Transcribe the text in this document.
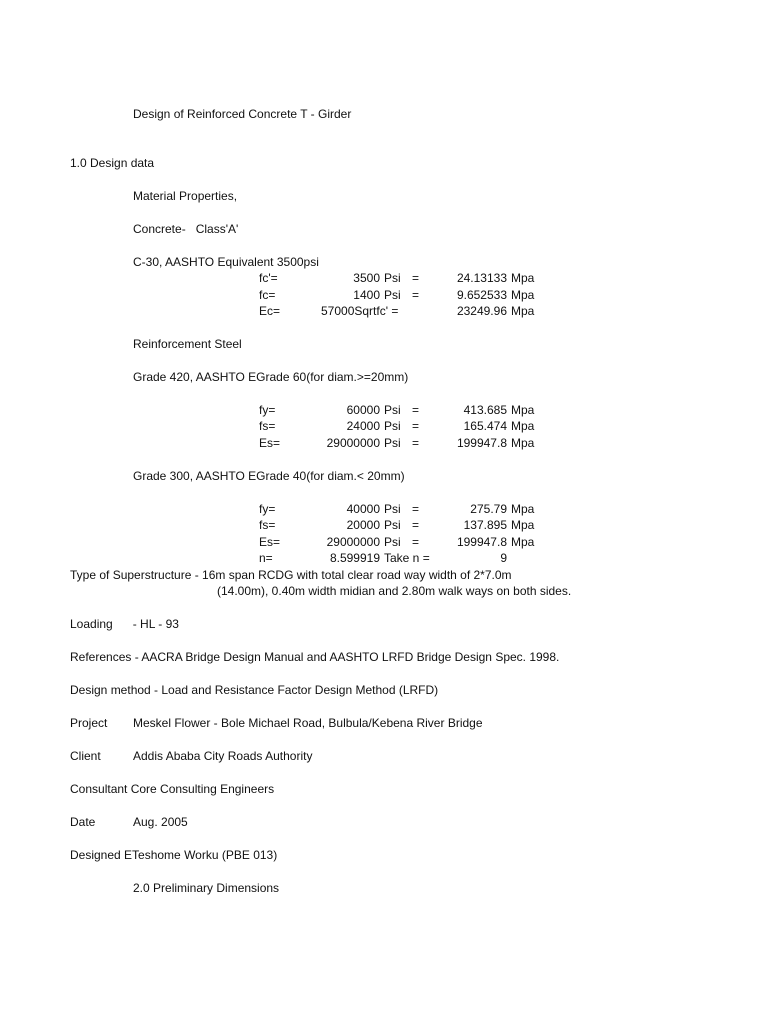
Design of Reinforced Concrete T - Girder
1.0 Design data
Material Properties,
Concrete-   Class'A'
C-30, AASHTO Equivalent 3500psi
fc'=	3500 Psi =	24.13133 Mpa
fc=	1400 Psi =	9.652533 Mpa
Ec=	57000Sqrtfc' =	23249.96 Mpa
Reinforcement Steel
Grade 420, AASHTO EGrade 60(for diam.>=20mm)
fy=	60000 Psi =	413.685 Mpa
fs=	24000 Psi =	165.474 Mpa
Es=	29000000 Psi =	199947.8 Mpa
Grade 300, AASHTO EGrade 40(for diam.< 20mm)
fy=	40000 Psi =	275.79 Mpa
fs=	20000 Psi =	137.895 Mpa
Es=	29000000 Psi =	199947.8 Mpa
n=	8.599919 Take n =	9
Type of Superstructure - 16m span RCDG with total clear road way width of 2*7.0m
(14.00m), 0.40m width midian and 2.80m walk ways on both sides.
Loading      - HL - 93
References - AACRA Bridge Design Manual and AASHTO LRFD Bridge Design Spec. 1998.
Design method - Load and Resistance Factor Design Method (LRFD)
Project Meskel Flower - Bole Michael Road, Bulbula/Kebena River Bridge
Client	Addis Ababa City Roads Authority
Consultant Core Consulting Engineers
Date	Aug. 2005
Designed ETeshome Worku (PBE 013)
2.0 Preliminary Dimensions
